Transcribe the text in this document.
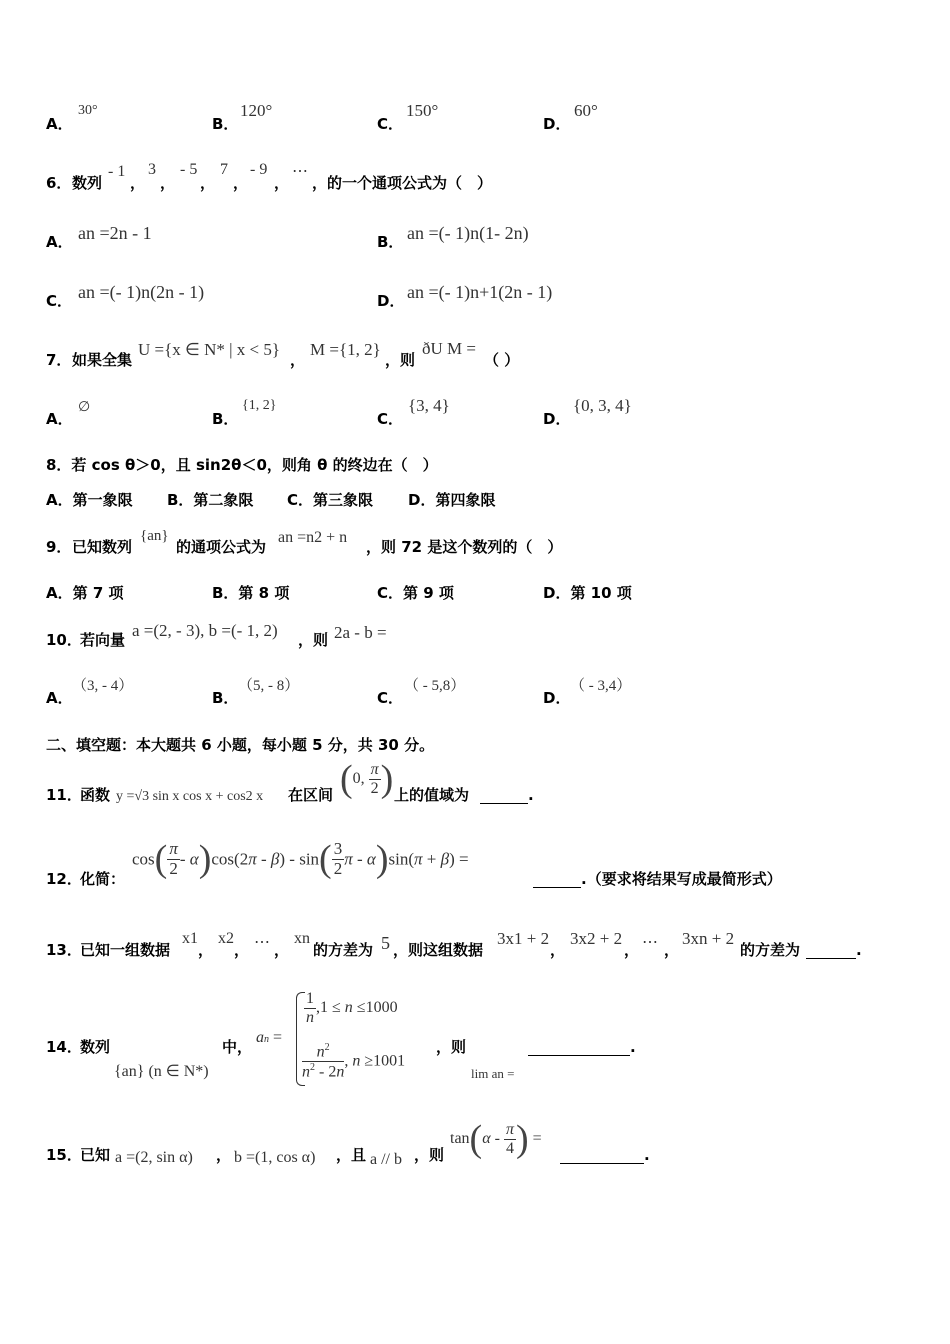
A．
30°
B．
120°
C．
150°
D．
60°
6． 数列
- 1
，
3
，
- 5
，
7
，
- 9
，
⋯
，的一个通项公式为（　）
A． an =2n - 1	B． an =(- 1)n(1- 2n)
C． an =(- 1)n(2n - 1)	D． an =(- 1)n+1(2n - 1)
7． 如果全集
U ={x ∈ N* | x < 5}
，
M ={1, 2}
，则
ðU M =
（ ）
A．
∅
B．
{1, 2}
C．
{3, 4}
D．
{0, 3, 4}
8．若 cos θ＞0，且 sin2θ＜0，则角 θ 的终边在（　）
A．第一象限 B．第二象限 C．第三象限 D．第四象限
9． 已知数列
{an}
的通项公式为
an =n2 + n
，则 72 是这个数列的（　）
A．第 7 项	B．第 8 项	C．第 9 项	D．第 10 项
10．
若向量 a =(2, - 3), b =(- 1, 2) ，则 2a - b =
A．
（3, - 4）
B．
（5, - 8）
C．
（ - 5,8）
D．
（ - 3,4）
二、填空题：本大题共 6 小题，每小题 5 分，共 30 分。
11．
函数 y =√3 sin x cos x + cos2 x 在区间 (0, $\frac{\pi}{2}$ ) 上的值域为
	.
12．
化简：
$\cos( \frac{\pi}{2} - \alpha)\cos(2\pi - \beta) - \sin( \frac{3}{2}$ π - α)sin(π + β) =

.（要求将结果写成最简形式）
13．
已知一组数据
x1
，
x2
， ⋯ ，
xn
的方差为 5 ，则这组数据
3x1 + 2
，
3x2 + 2
， ⋯ ，
3xn + 2
的方差为
	.
14．
数列
{an} (n ∈ N*)
中，
an =
$\frac{1}{n} ,1 \le n \le 1000$
$\frac{n^2}{n^2 - 2n}$ , n ≥1001
，则
lim an =

.
15．
已知 a =(2, sin α) ， b =(1, cos α) ，且 a // b ，则
$\tan(\alpha - \frac{\pi}{4}$ ) =

.
